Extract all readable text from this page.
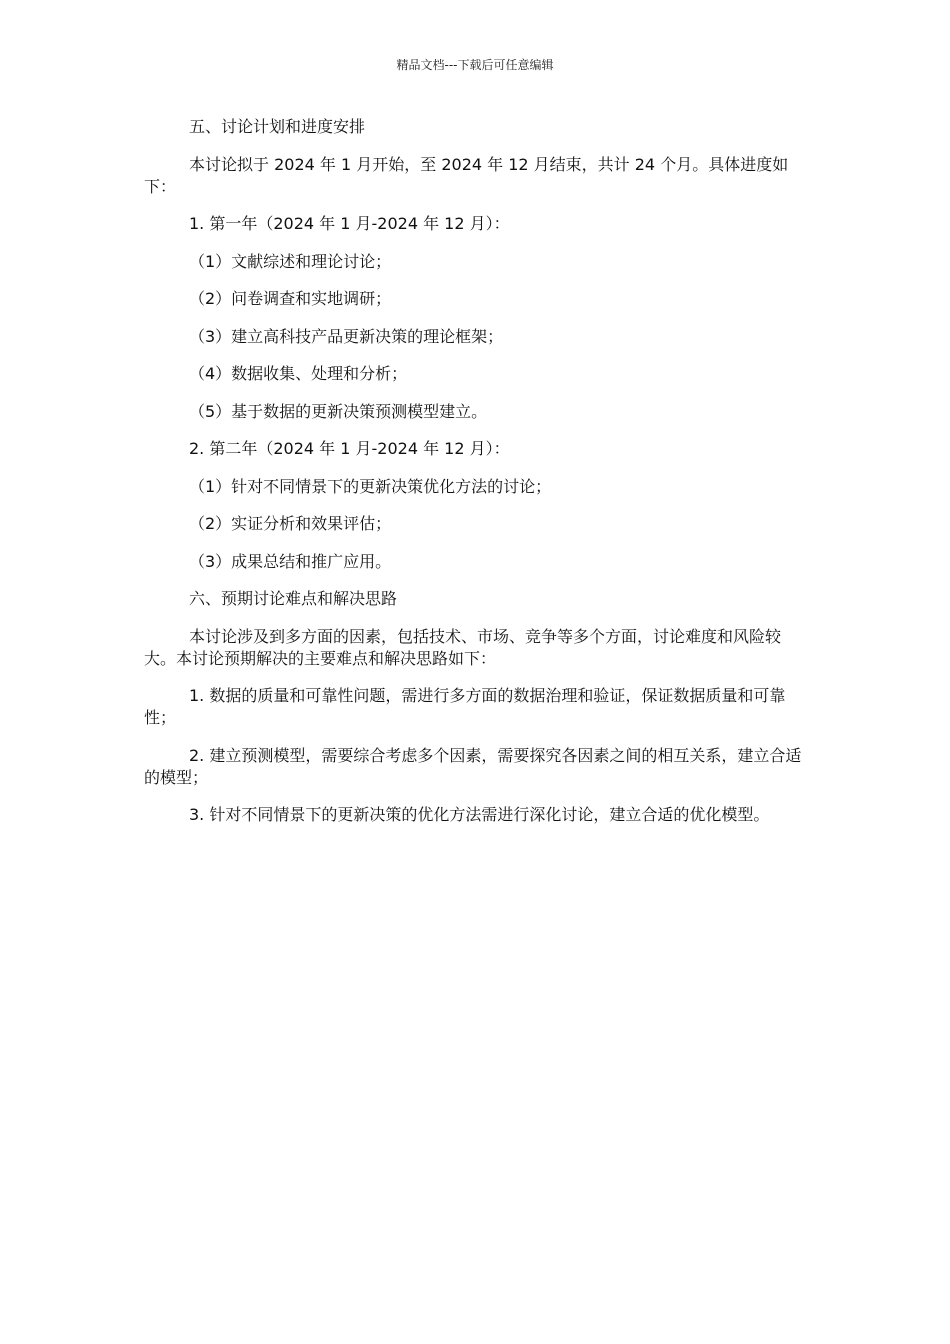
精品文档---下载后可任意编辑

五、讨论计划和进度安排

本讨论拟于 2024 年 1 月开始，至 2024 年 12 月结束，共计 24 个月。具体进度如下：

1. 第一年（2024 年 1 月-2024 年 12 月）：

（1）文献综述和理论讨论；

（2）问卷调查和实地调研；

（3）建立高科技产品更新决策的理论框架；

（4）数据收集、处理和分析；

（5）基于数据的更新决策预测模型建立。

2. 第二年（2024 年 1 月-2024 年 12 月）：

（1）针对不同情景下的更新决策优化方法的讨论；

（2）实证分析和效果评估；

（3）成果总结和推广应用。

六、预期讨论难点和解决思路

本讨论涉及到多方面的因素，包括技术、市场、竞争等多个方面，讨论难度和风险较大。本讨论预期解决的主要难点和解决思路如下：

1. 数据的质量和可靠性问题，需进行多方面的数据治理和验证，保证数据质量和可靠性；

2. 建立预测模型，需要综合考虑多个因素，需要探究各因素之间的相互关系，建立合适的模型；

3. 针对不同情景下的更新决策的优化方法需进行深化讨论，建立合适的优化模型。
